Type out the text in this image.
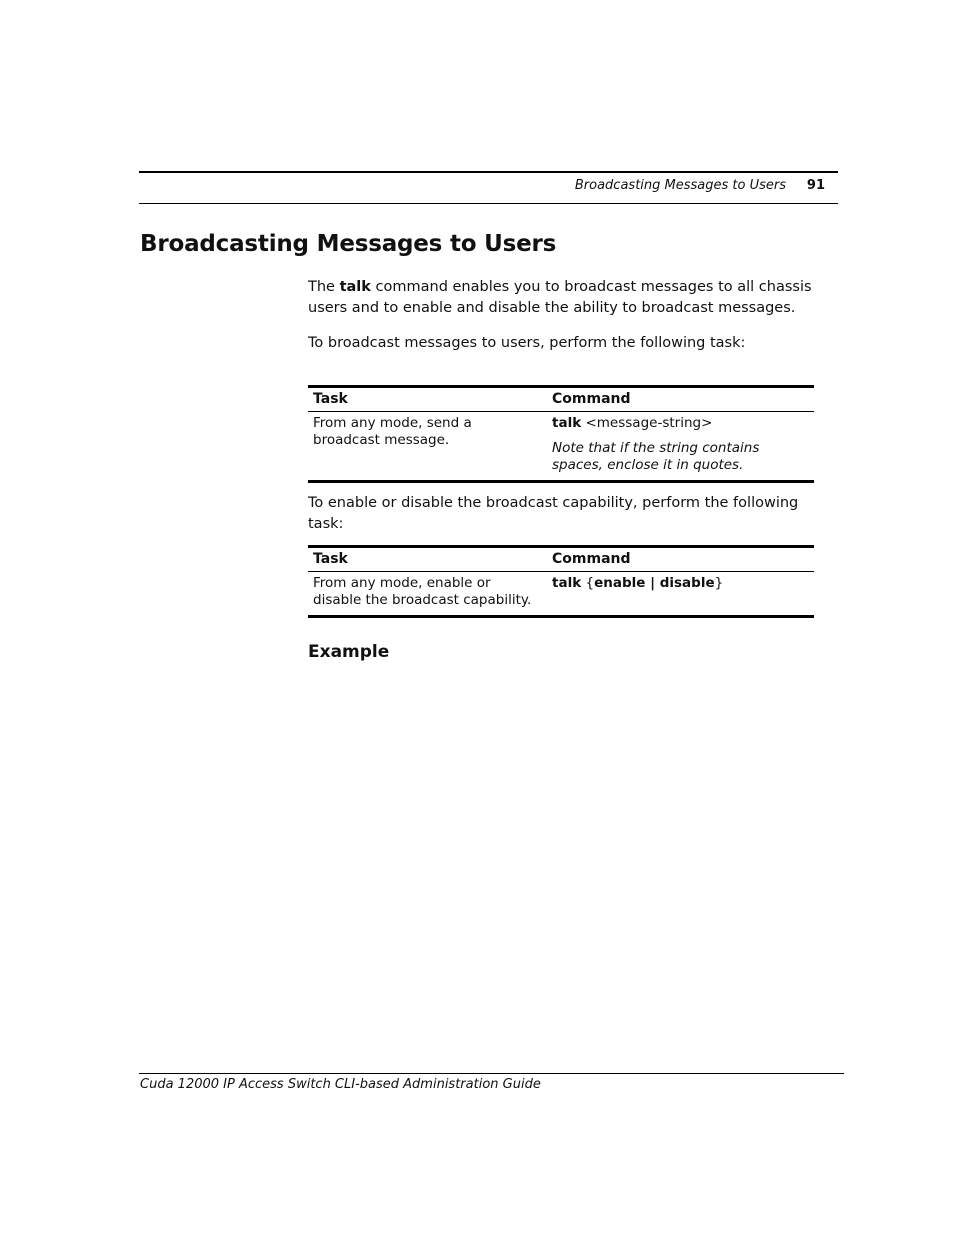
Broadcasting Messages to Users	91
Broadcasting Messages to Users

The talk command enables you to broadcast messages to all chassis users and to enable and disable the ability to broadcast messages.

To broadcast messages to users, perform the following task:

Task	Command
From any mode, send a broadcast message.	talk <message-string>
Note that if the string contains spaces, enclose it in quotes.

To enable or disable the broadcast capability, perform the following task:

Task	Command
From any mode, enable or disable the broadcast capability.	talk {enable | disable}
Example
Cuda 12000 IP Access Switch CLI-based Administration Guide
